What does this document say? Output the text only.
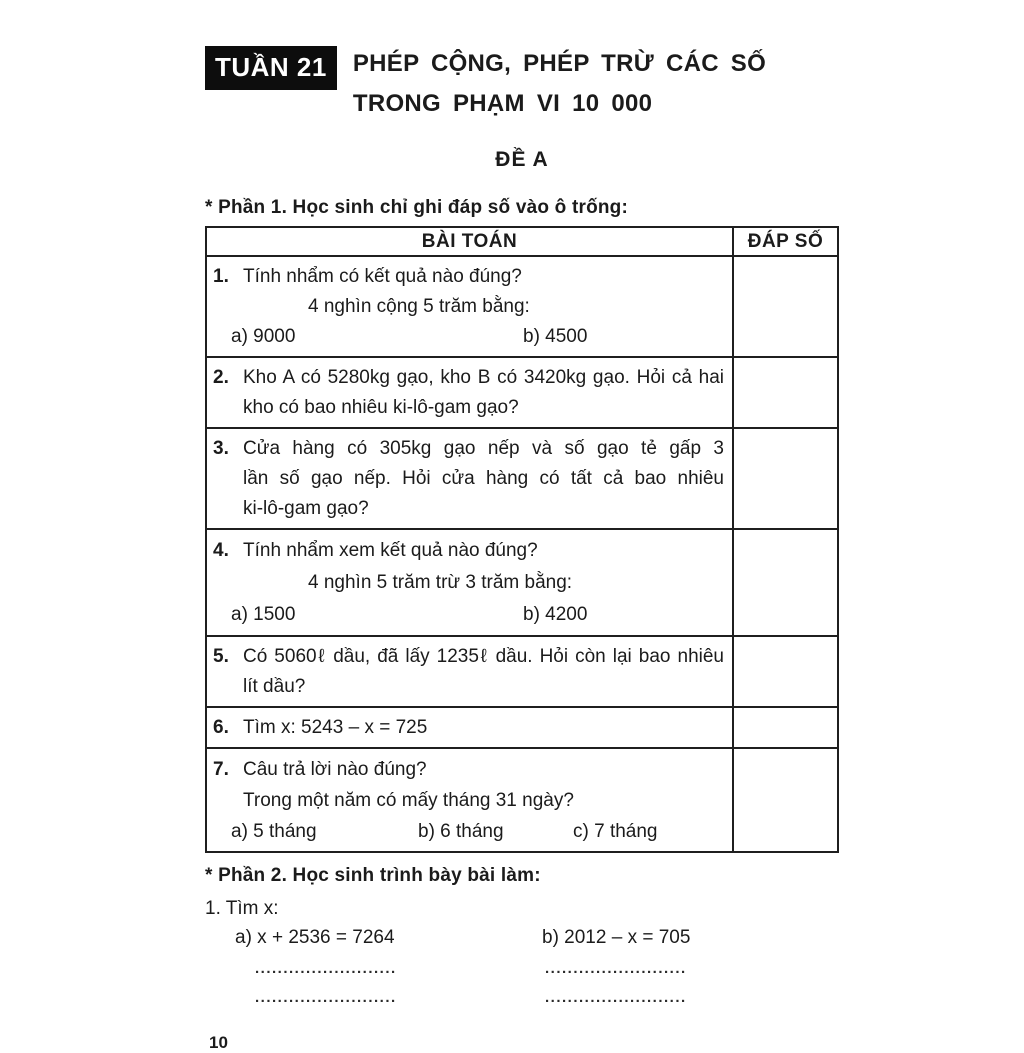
TUẦN 21	PHÉP CỘNG, PHÉP TRỪ CÁC SỐ
TRONG PHẠM VI 10 000
ĐỀ A
* Phần 1. Học sinh chỉ ghi đáp số vào ô trống:
BÀI TOÁN	ĐÁP SỐ

1. Tính nhẩm có kết quả nào đúng?
4 nghìn cộng 5 trăm bằng:
a) 9000 b) 4500	

2. Kho A có 5280kg gạo, kho B có 3420kg gạo. Hỏi cả hai
kho có bao nhiêu ki-lô-gam gạo?	

3. Cửa hàng có 305kg gạo nếp và số gạo tẻ gấp 3
lần số gạo nếp. Hỏi cửa hàng có tất cả bao nhiêu
ki-lô-gam gạo?	

4. Tính nhẩm xem kết quả nào đúng?
4 nghìn 5 trăm trừ 3 trăm bằng:
a) 1500 b) 4200	

5. Có 5060ℓ dầu, đã lấy 1235ℓ dầu. Hỏi còn lại bao nhiêu
lít dầu?	

6. Tìm x: 5243 – x = 725	

7. Câu trả lời nào đúng?
Trong một năm có mấy tháng 31 ngày?
a) 5 tháng	b) 6 tháng	c) 7 tháng

* Phần 2. Học sinh trình bày bài làm:
1. Tìm x:
a) x + 2536 = 7264	b) 2012 – x = 705
.........................	.........................
.........................	.........................
10
